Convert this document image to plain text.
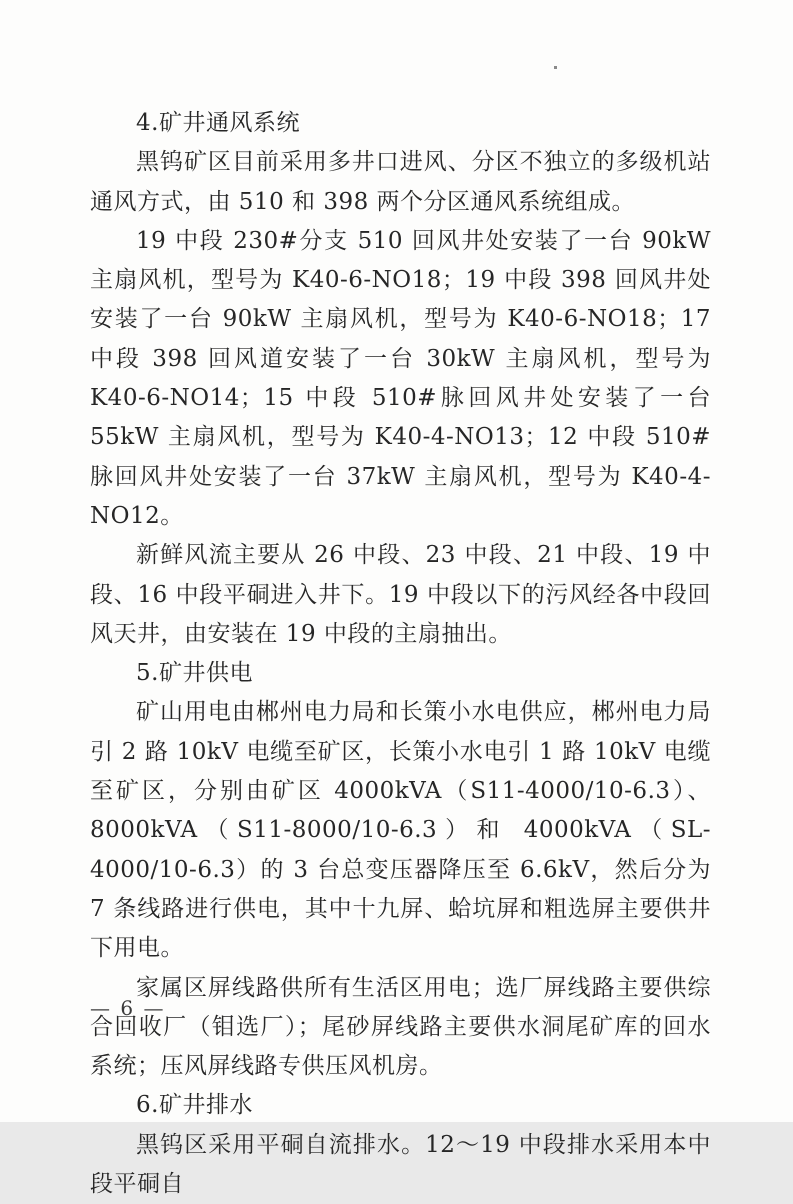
4.矿井通风系统

黑钨矿区目前采用多井口进风、分区不独立的多级机站通风方式，由 510 和 398 两个分区通风系统组成。

19 中段 230#分支 510 回风井处安装了一台 90kW 主扇风机，型号为 K40-6-NO18；19 中段 398 回风井处安装了一台 90kW 主扇风机，型号为 K40-6-NO18；17 中段 398 回风道安装了一台 30kW 主扇风机，型号为 K40-6-NO14；15 中段 510#脉回风井处安装了一台 55kW 主扇风机，型号为 K40-4-NO13；12 中段 510#脉回风井处安装了一台 37kW 主扇风机，型号为 K40-4-NO12。

新鲜风流主要从 26 中段、23 中段、21 中段、19 中段、16 中段平硐进入井下。19 中段以下的污风经各中段回风天井，由安装在 19 中段的主扇抽出。

5.矿井供电

矿山用电由郴州电力局和长策小水电供应，郴州电力局引 2 路 10kV 电缆至矿区，长策小水电引 1 路 10kV 电缆至矿区，分别由矿区 4000kVA（S11-4000/10-6.3）、8000kVA（S11-8000/10-6.3）和 4000kVA（SL-4000/10-6.3）的 3 台总变压器降压至 6.6kV，然后分为 7 条线路进行供电，其中十九屏、蛤坑屏和粗选屏主要供井下用电。

家属区屏线路供所有生活区用电；选厂屏线路主要供综合回收厂（钼选厂）；尾砂屏线路主要供水洞尾矿库的回水系统；压风屏线路专供压风机房。

6.矿井排水

黑钨区采用平硐自流排水。12～19 中段排水采用本中段平硐自

— 6 —
